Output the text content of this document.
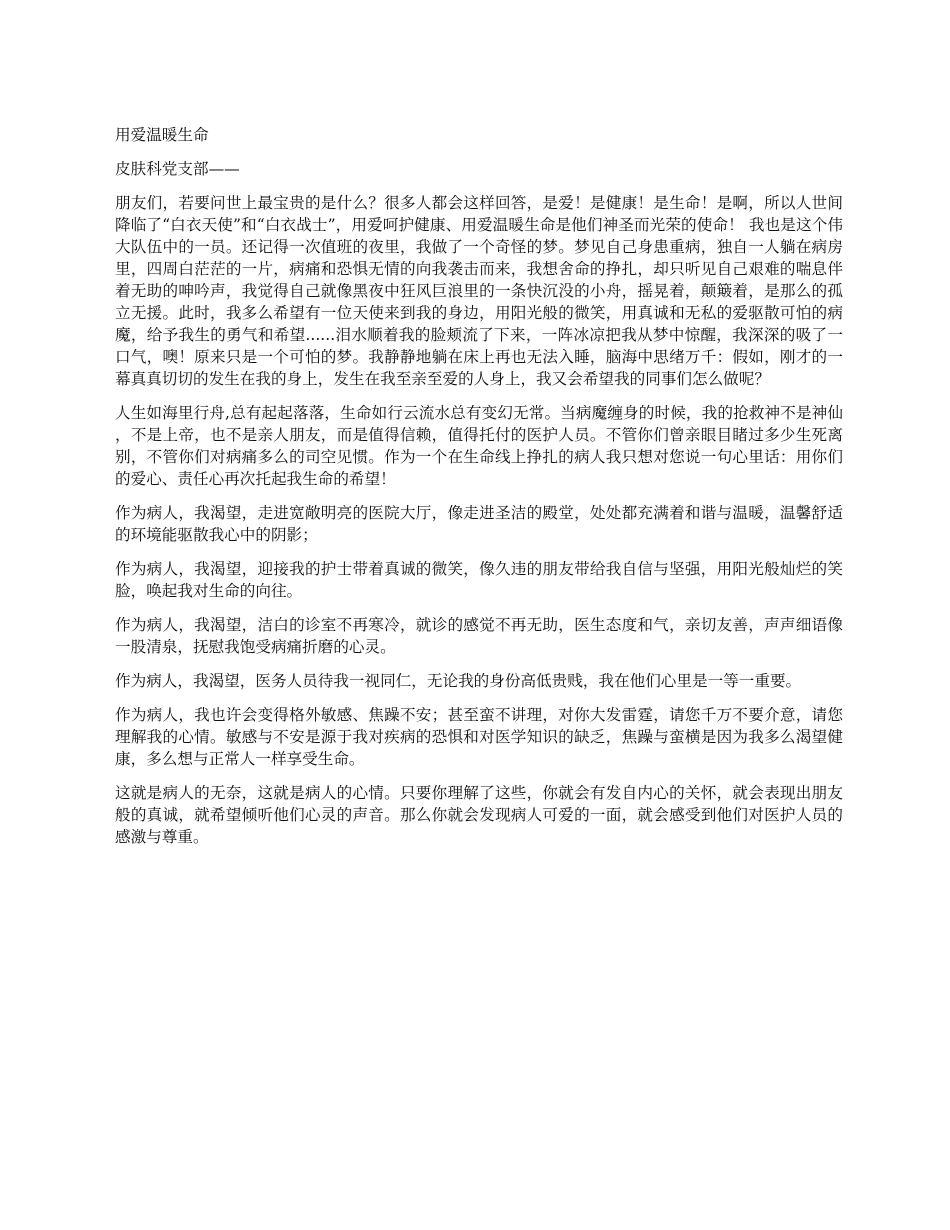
用爱温暖生命

皮肤科党支部——

朋友们，若要问世上最宝贵的是什么？很多人都会这样回答，是爱！是健康！是生命！是啊，所以人世间降临了“白衣天使”和“白衣战士”，用爱呵护健康、用爱温暖生命是他们神圣而光荣的使命！ 我也是这个伟大队伍中的一员。还记得一次值班的夜里，我做了一个奇怪的梦。梦见自己身患重病，独自一人躺在病房里，四周白茫茫的一片，病痛和恐惧无情的向我袭击而来，我想舍命的挣扎，却只听见自己艰难的喘息伴着无助的呻吟声，我觉得自己就像黑夜中狂风巨浪里的一条快沉没的小舟，摇晃着，颠簸着，是那么的孤立无援。此时，我多么希望有一位天使来到我的身边，用阳光般的微笑，用真诚和无私的爱驱散可怕的病魔，给予我生的勇气和希望......泪水顺着我的脸颊流了下来，一阵冰凉把我从梦中惊醒，我深深的吸了一口气，噢！原来只是一个可怕的梦。我静静地躺在床上再也无法入睡，脑海中思绪万千：假如，刚才的一幕真真切切的发生在我的身上，发生在我至亲至爱的人身上，我又会希望我的同事们怎么做呢？

人生如海里行舟,总有起起落落，生命如行云流水总有变幻无常。当病魔缠身的时候，我的抢救神不是神仙，不是上帝，也不是亲人朋友，而是值得信赖，值得托付的医护人员。不管你们曾亲眼目睹过多少生死离别，不管你们对病痛多么的司空见惯。作为一个在生命线上挣扎的病人我只想对您说一句心里话：用你们的爱心、责任心再次托起我生命的希望！

作为病人，我渴望，走进宽敞明亮的医院大厅，像走进圣洁的殿堂，处处都充满着和谐与温暖，温馨舒适的环境能驱散我心中的阴影；

作为病人，我渴望，迎接我的护士带着真诚的微笑，像久违的朋友带给我自信与坚强，用阳光般灿烂的笑脸，唤起我对生命的向往。

作为病人，我渴望，洁白的诊室不再寒冷，就诊的感觉不再无助，医生态度和气，亲切友善，声声细语像一股清泉，抚慰我饱受病痛折磨的心灵。

作为病人，我渴望，医务人员待我一视同仁，无论我的身份高低贵贱，我在他们心里是一等一重要。

作为病人，我也许会变得格外敏感、焦躁不安；甚至蛮不讲理，对你大发雷霆，请您千万不要介意，请您理解我的心情。敏感与不安是源于我对疾病的恐惧和对医学知识的缺乏，焦躁与蛮横是因为我多么渴望健康，多么想与正常人一样享受生命。

这就是病人的无奈，这就是病人的心情。只要你理解了这些，你就会有发自内心的关怀，就会表现出朋友般的真诚，就希望倾听他们心灵的声音。那么你就会发现病人可爱的一面，就会感受到他们对医护人员的感激与尊重。
